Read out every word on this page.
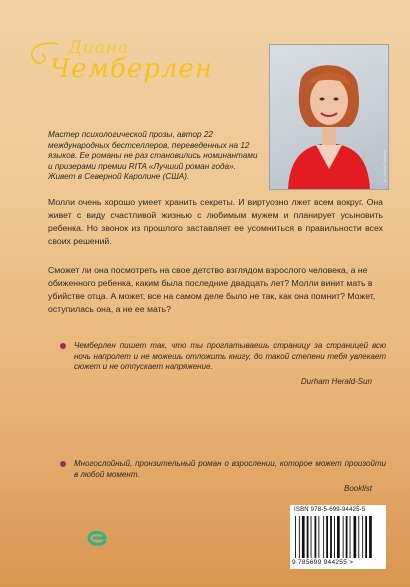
Диана
Чемберлен
© Jason Pearson
Мастер психологической прозы, автор 22 международных бестселлеров, переведенных на 12 языков. Ее романы не раз становились номинантами и призерами премии RITA «Лучший роман года». Живет в Северной Каролине (США).

Молли очень хорошо умеет хранить секреты. И виртуозно лжет всем вокруг. Она живет с виду счастливой жизнью с любимым мужем и планирует усыновить ребенка. Но звонок из прошлого заставляет ее усомниться в правильности всех своих решений.

Сможет ли она посмотреть на свое детство взглядом взрослого человека, а не обиженного ребенка, каким была последние двадцать лет? Молли винит мать в убийстве отца. А может, все на самом деле было не так, как она помнит? Может, оступилась она, а не ее мать?

Чемберлен пишет так, что ты проглатываешь страницу за страницей всю ночь напролет и не можешь отложить книгу, до такой степени тебя увлекает сюжет и не отпускает напряжение.
Durham Herald-Sun
Многослойный, пронзительный роман о взрослении, которое может произойти в любой момент.
Booklist
ISBN 978-5-699-94425-5
9 785699 944255 >
